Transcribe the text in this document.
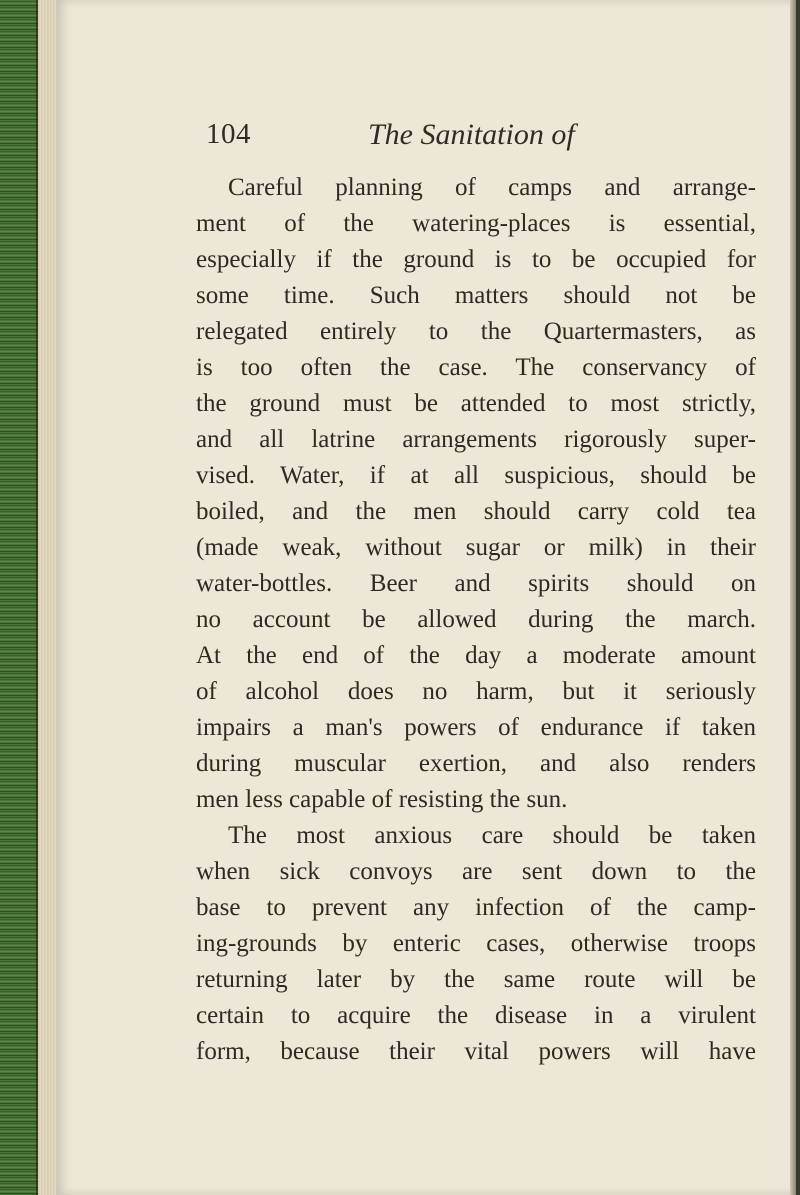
104	The Sanitation of
Careful planning of camps and arrange-
ment of the watering-places is essential,
especially if the ground is to be occupied for
some time. Such matters should not be
relegated entirely to the Quartermasters, as
is too often the case. The conservancy of
the ground must be attended to most strictly,
and all latrine arrangements rigorously super-
vised. Water, if at all suspicious, should be
boiled, and the men should carry cold tea
(made weak, without sugar or milk) in their
water-bottles. Beer and spirits should on
no account be allowed during the march.
At the end of the day a moderate amount
of alcohol does no harm, but it seriously
impairs a man's powers of endurance if taken
during muscular exertion, and also renders
men less capable of resisting the sun.
The most anxious care should be taken
when sick convoys are sent down to the
base to prevent any infection of the camp-
ing-grounds by enteric cases, otherwise troops
returning later by the same route will be
certain to acquire the disease in a virulent
form, because their vital powers will have
